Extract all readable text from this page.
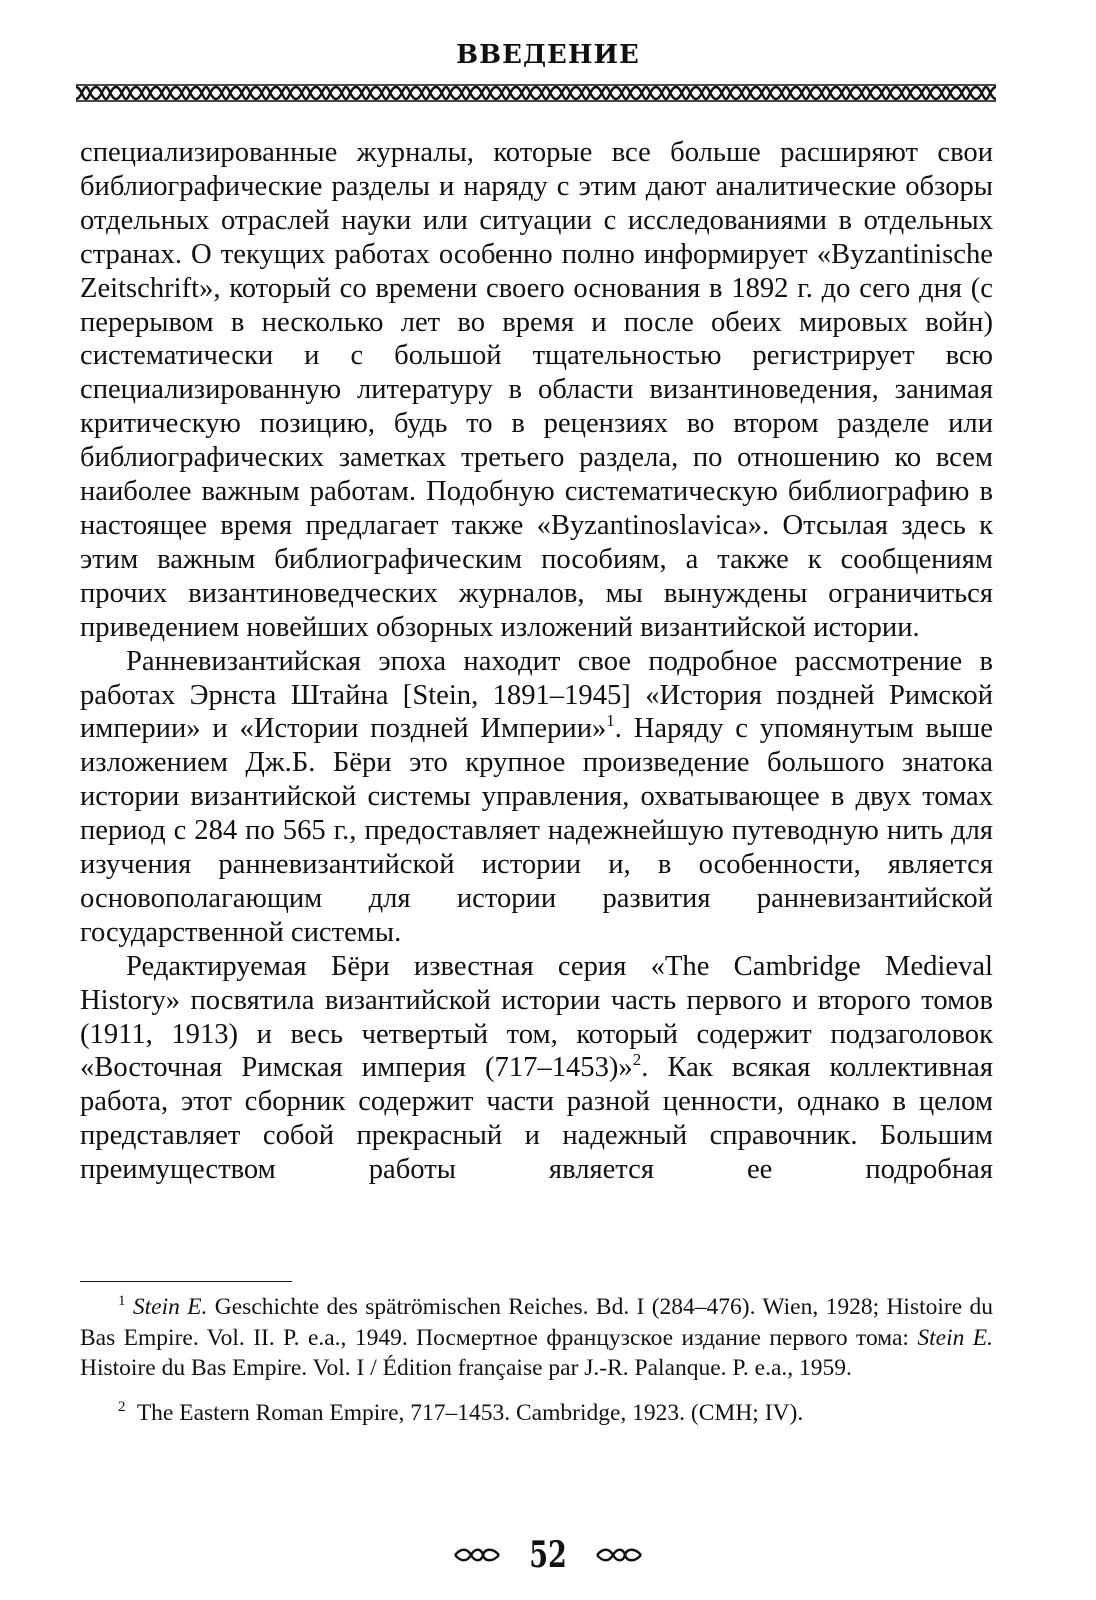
ВВЕДЕНИЕ

специализированные журналы, которые все больше расширяют свои библиографические разделы и наряду с этим дают аналитические обзоры отдельных отраслей науки или ситуации с исследованиями в отдельных странах. О текущих работах особенно полно информирует «Byzantinische Zeitschrift», который со времени своего основания в 1892 г. до сего дня (с перерывом в несколько лет во время и после обеих мировых войн) систематически и с большой тщательностью регистрирует всю специализированную литературу в области византиноведения, занимая критическую позицию, будь то в рецензиях во втором разделе или библиографических заметках третьего раздела, по отношению ко всем наиболее важным работам. Подобную систематическую библиографию в настоящее время предлагает также «Byzantinoslavica». Отсылая здесь к этим важным библиографическим пособиям, а также к сообщениям прочих византиноведческих журналов, мы вынуждены ограничиться приведением новейших обзорных изложений византийской истории.

Ранневизантийская эпоха находит свое подробное рассмотрение в работах Эрнста Штайна [Stein, 1891–1945] «История поздней Римской империи» и «Истории поздней Империи»$^1$. Наряду с упомянутым выше изложением Дж.Б. Бёри это крупное произведение большого знатока истории византийской системы управления, охватывающее в двух томах период с 284 по 565 г., предоставляет надежнейшую путеводную нить для изучения ранневизантийской истории и, в особенности, является основополагающим для истории развития ранневизантийской государственной системы.

Редактируемая Бёри известная серия «The Cambridge Medieval History» посвятила византийской истории часть первого и второго томов (1911, 1913) и весь четвертый том, который содержит подзаголовок «Восточная Римская империя (717–1453)»$^2$. Как всякая коллективная работа, этот сборник содержит части разной ценности, однако в целом представляет собой прекрасный и надежный справочник. Большим преимуществом работы является ее подробная

$^1$ Stein E. Geschichte des spätrömischen Reiches. Bd. I (284–476). Wien, 1928; Histoire du Bas Empire. Vol. II. P. e.a., 1949. Посмертное французское издание первого тома: Stein E. Histoire du Bas Empire. Vol. I / Édition française par J.-R. Palanque. P. e.a., 1959.

$^2$  The Eastern Roman Empire, 717–1453. Cambridge, 1923. (CMH; IV).

52
